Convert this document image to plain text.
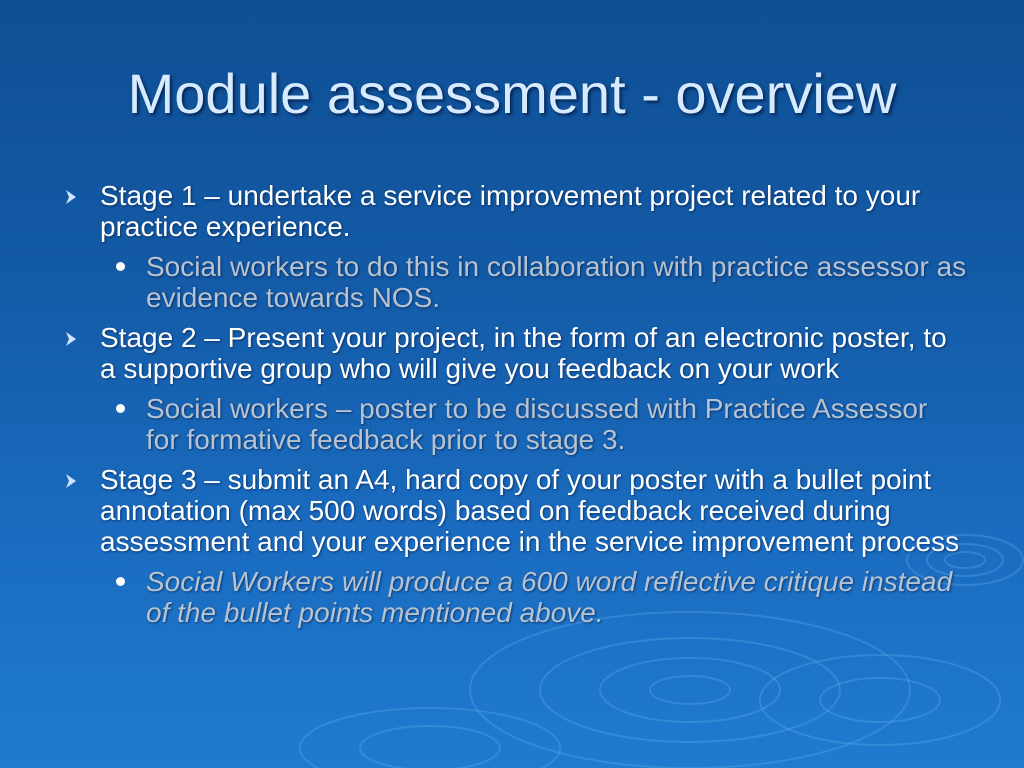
Module assessment - overview
Stage 1 – undertake a service improvement project related to your practice experience.
Social workers to do this in collaboration with practice assessor as evidence towards NOS.
Stage 2 – Present your project, in the form of an electronic poster, to a supportive group who will give you feedback on your work
Social workers – poster to be discussed with Practice Assessor for formative feedback prior to stage 3.
Stage 3 – submit an A4, hard copy of your poster with a bullet point annotation (max 500 words) based on feedback received during assessment and your experience in the service improvement process
Social Workers will produce a 600 word reflective critique instead of the bullet points mentioned above.
